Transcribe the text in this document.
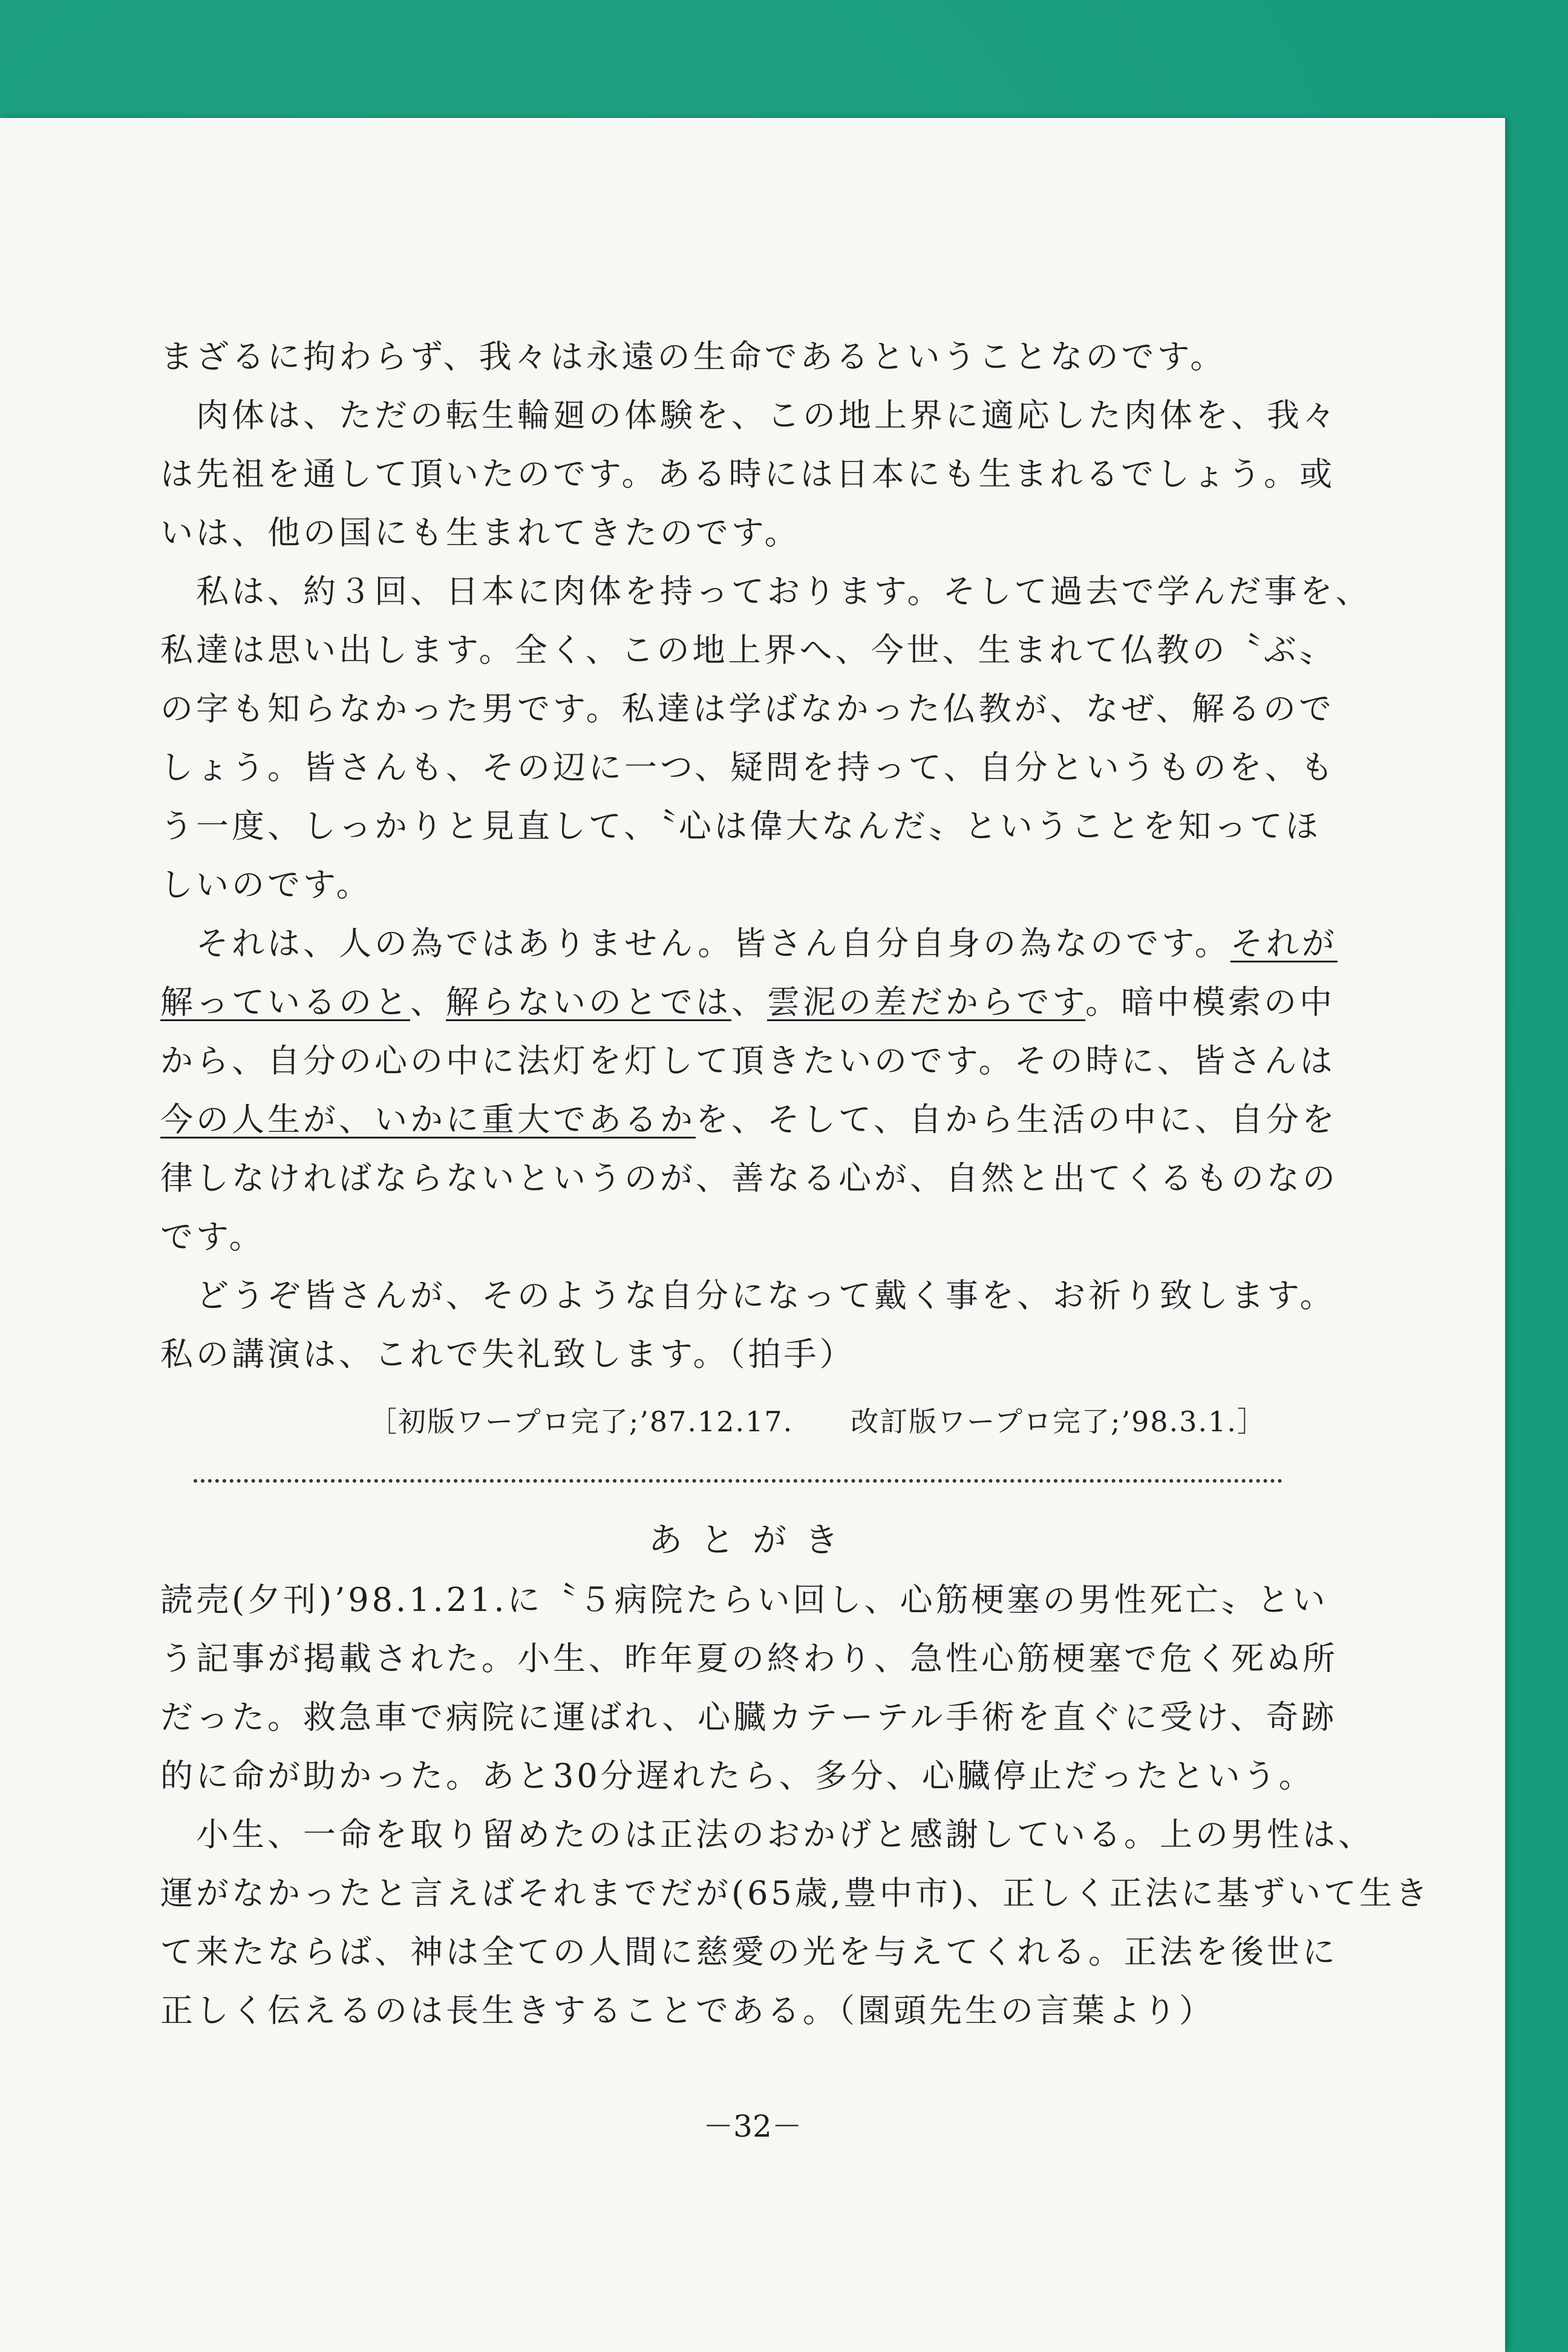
まざるに拘わらず、我々は永遠の生命であるということなのです。
　肉体は、ただの転生輪廻の体験を、この地上界に適応した肉体を、我々
は先祖を通して頂いたのです。ある時には日本にも生まれるでしょう。或
いは、他の国にも生まれてきたのです。
　私は、約３回、日本に肉体を持っております。そして過去で学んだ事を、
私達は思い出します。全く、この地上界へ、今世、生まれて仏教の〝ぶ〟
の字も知らなかった男です。私達は学ばなかった仏教が、なぜ、解るので
しょう。皆さんも、その辺に一つ、疑問を持って、自分というものを、も
う一度、しっかりと見直して、〝心は偉大なんだ〟ということを知ってほ
しいのです。
　それは、人の為ではありません。皆さん自分自身の為なのです。それが
解っているのと、解らないのとでは、雲泥の差だからです。暗中模索の中
から、自分の心の中に法灯を灯して頂きたいのです。その時に、皆さんは
今の人生が、いかに重大であるかを、そして、自から生活の中に、自分を
律しなければならないというのが、善なる心が、自然と出てくるものなの
です。
　どうぞ皆さんが、そのような自分になって戴く事を、お祈り致します。
私の講演は、これで失礼致します。（拍手）
［初版ワープロ完了;’87.12.17. 改訂版ワープロ完了;’98.3.1.］
あとがき
読売(夕刊)’98.1.21.に〝５病院たらい回し、心筋梗塞の男性死亡〟とい
う記事が掲載された。小生、昨年夏の終わり、急性心筋梗塞で危く死ぬ所
だった。救急車で病院に運ばれ、心臓カテーテル手術を直ぐに受け、奇跡
的に命が助かった。あと30分遅れたら、多分、心臓停止だったという。
　小生、一命を取り留めたのは正法のおかげと感謝している。上の男性は、
運がなかったと言えばそれまでだが(65歳,豊中市)、正しく正法に基ずいて生き
て来たならば、神は全ての人間に慈愛の光を与えてくれる。正法を後世に
正しく伝えるのは長生きすることである。（園頭先生の言葉より）
－32－
